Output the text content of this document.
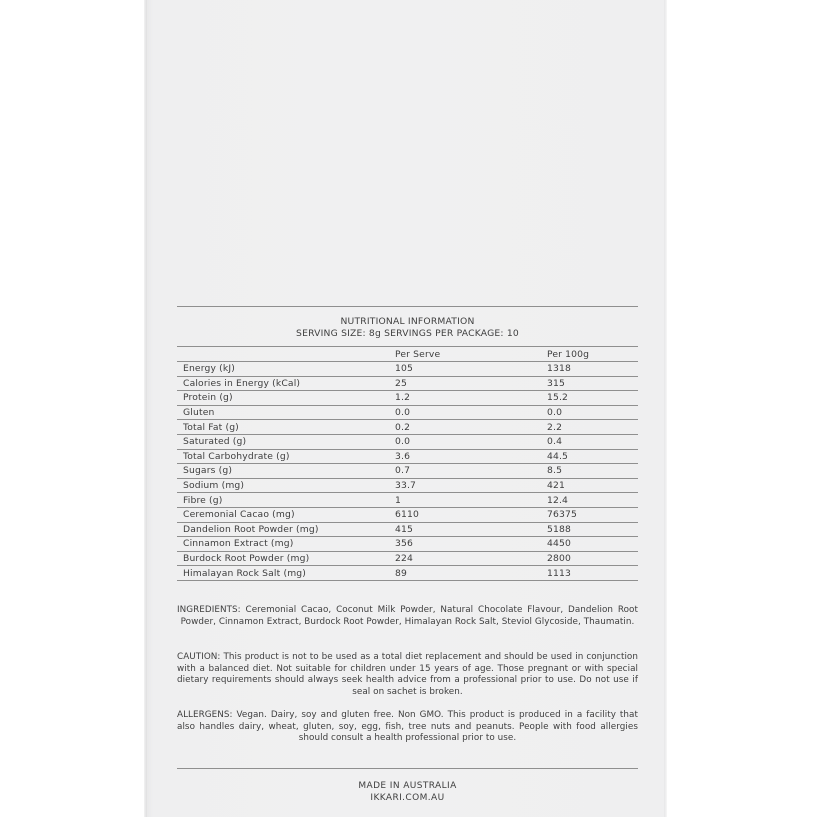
NUTRITIONAL INFORMATION
SERVING SIZE: 8g SERVINGS PER PACKAGE: 10
	Per Serve	Per 100g
Energy (kJ)	105	1318
Calories in Energy (kCal)	25	315
Protein (g)	1.2	15.2
Gluten	0.0	0.0
Total Fat (g)	0.2	2.2
Saturated (g)	0.0	0.4
Total Carbohydrate (g)	3.6	44.5
Sugars (g)	0.7	8.5
Sodium (mg)	33.7	421
Fibre (g)	1	12.4
Ceremonial Cacao (mg)	6110	76375
Dandelion Root Powder (mg)	415	5188
Cinnamon Extract (mg)	356	4450
Burdock Root Powder (mg)	224	2800
Himalayan Rock Salt (mg)	89	1113
INGREDIENTS: Ceremonial Cacao, Coconut Milk Powder, Natural Chocolate Flavour, Dandelion Root Powder, Cinnamon Extract, Burdock Root Powder, Himalayan Rock Salt, Steviol Glycoside, Thaumatin.
CAUTION: This product is not to be used as a total diet replacement and should be used in conjunction with a balanced diet. Not suitable for children under 15 years of age. Those pregnant or with special dietary requirements should always seek health advice from a professional prior to use. Do not use if seal on sachet is broken.
ALLERGENS: Vegan. Dairy, soy and gluten free. Non GMO. This product is produced in a facility that also handles dairy, wheat, gluten, soy, egg, fish, tree nuts and peanuts. People with food allergies should consult a health professional prior to use.
MADE IN AUSTRALIA
IKKARI.COM.AU
